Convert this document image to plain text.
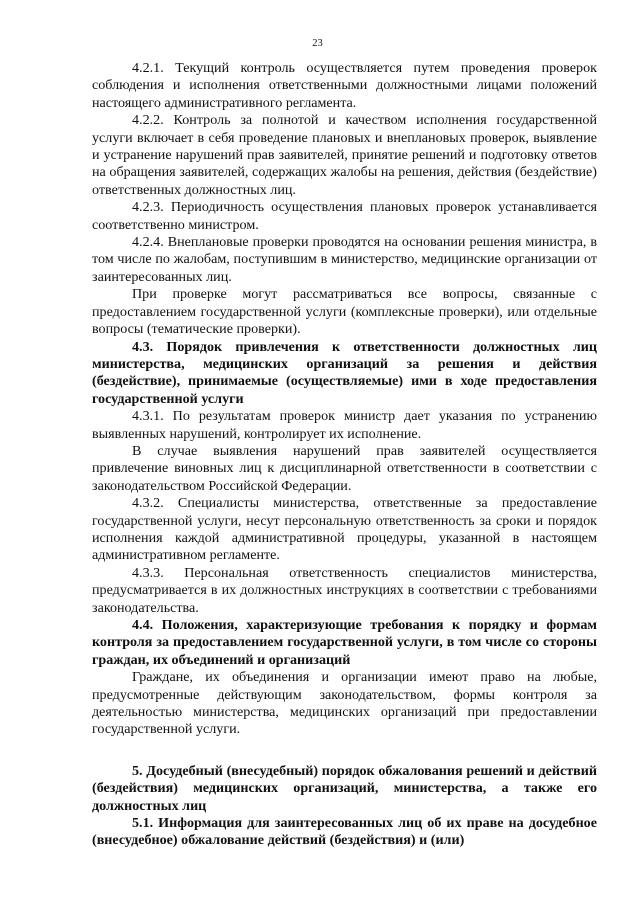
23

4.2.1. Текущий контроль осуществляется путем проведения проверок соблюдения и исполнения ответственными должностными лицами положений настоящего административного регламента.

4.2.2. Контроль за полнотой и качеством исполнения государственной услуги включает в себя проведение плановых и внеплановых проверок, выявление и устранение нарушений прав заявителей, принятие решений и подготовку ответов на обращения заявителей, содержащих жалобы на решения, действия (бездействие) ответственных должностных лиц.

4.2.3. Периодичность осуществления плановых проверок устанавливается соответственно министром.

4.2.4. Внеплановые проверки проводятся на основании решения министра, в том числе по жалобам, поступившим в министерство, медицинские организации от заинтересованных лиц.

При проверке могут рассматриваться все вопросы, связанные с предоставлением государственной услуги (комплексные проверки), или отдельные вопросы (тематические проверки).

4.3. Порядок привлечения к ответственности должностных лиц министерства, медицинских организаций за решения и действия (бездействие), принимаемые (осуществляемые) ими в ходе предоставления государственной услуги

4.3.1. По результатам проверок министр дает указания по устранению выявленных нарушений, контролирует их исполнение.

В случае выявления нарушений прав заявителей осуществляется привлечение виновных лиц к дисциплинарной ответственности в соответствии с законодательством Российской Федерации.

4.3.2. Специалисты министерства, ответственные за предоставление государственной услуги, несут персональную ответственность за сроки и порядок исполнения каждой административной процедуры, указанной в настоящем административном регламенте.

4.3.3. Персональная ответственность специалистов министерства, предусматривается в их должностных инструкциях в соответствии с требованиями законодательства.

4.4. Положения, характеризующие требования к порядку и формам контроля за предоставлением государственной услуги, в том числе со стороны граждан, их объединений и организаций

Граждане, их объединения и организации имеют право на любые, предусмотренные действующим законодательством, формы контроля за деятельностью министерства, медицинских организаций при предоставлении государственной услуги.

5. Досудебный (внесудебный) порядок обжалования решений и действий (бездействия) медицинских организаций, министерства, а также его должностных лиц

5.1. Информация для заинтересованных лиц об их праве на досудебное (внесудебное) обжалование действий (бездействия) и (или)
